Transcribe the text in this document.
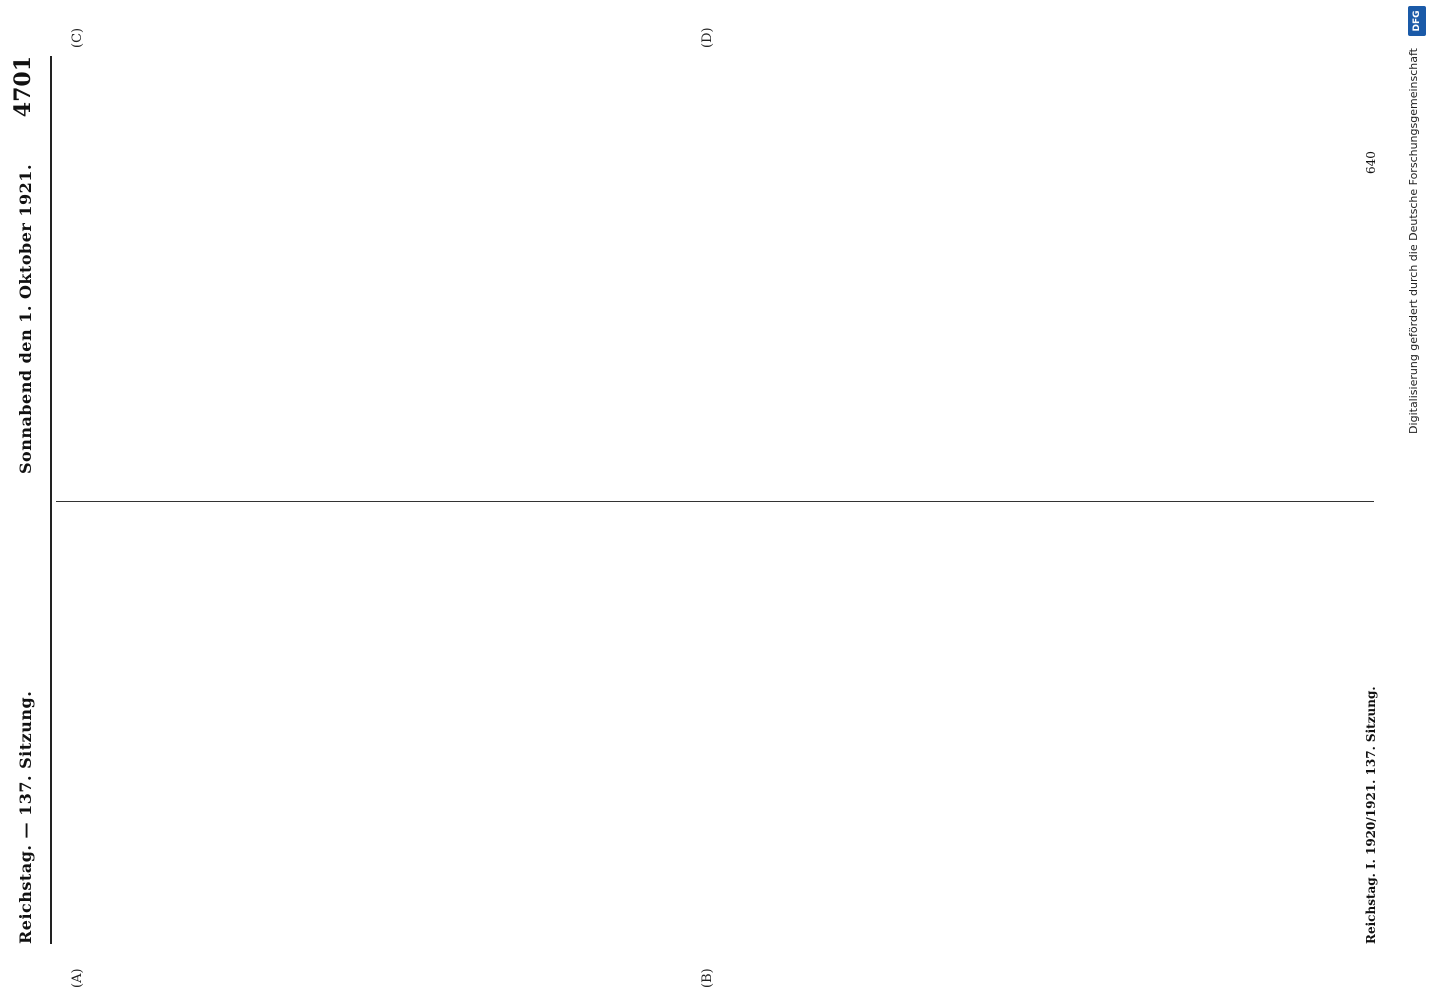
Reichstag. — 137. Sitzung.
Sonnabend den 1. Oktober 1921.
4701
(A)	(B)
(C)	(D)
Reichstag. I. 1920/1921. 137. Sitzung.
640	Digitalisierung gefördert durch die Deutsche Forschungsgemeinschaft
DFG
